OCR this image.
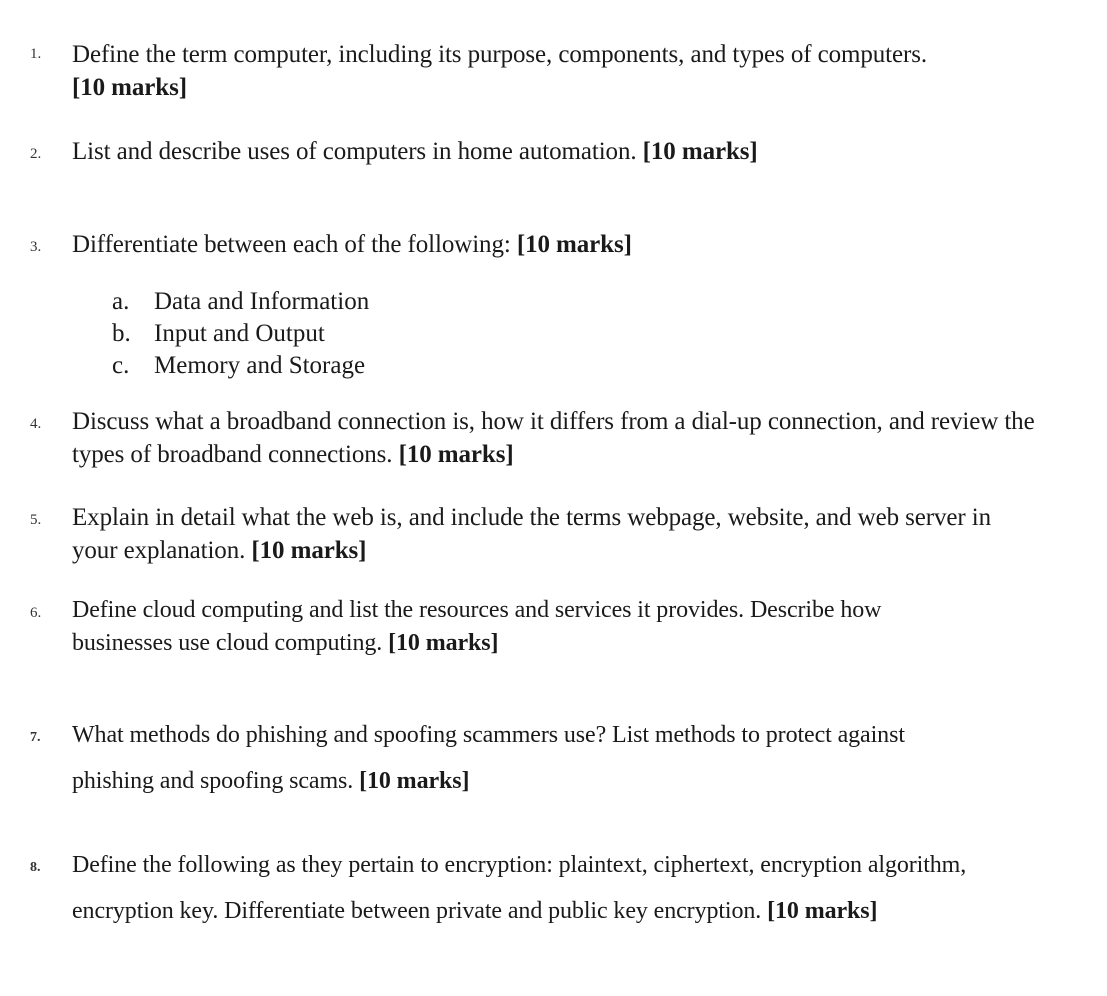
1. Define the term computer, including its purpose, components, and types of computers.
[10 marks]
2. List and describe uses of computers in home automation. [10 marks]
3. Differentiate between each of the following: [10 marks]
a. Data and Information
b. Input and Output
c. Memory and Storage
4. Discuss what a broadband connection is, how it differs from a dial-up connection, and review the types of broadband connections. [10 marks]
5. Explain in detail what the web is, and include the terms webpage, website, and web server in your explanation. [10 marks]
6. Define cloud computing and list the resources and services it provides. Describe how businesses use cloud computing. [10 marks]
7. What methods do phishing and spoofing scammers use? List methods to protect against phishing and spoofing scams. [10 marks]
8. Define the following as they pertain to encryption: plaintext, ciphertext, encryption algorithm, encryption key. Differentiate between private and public key encryption. [10 marks]
